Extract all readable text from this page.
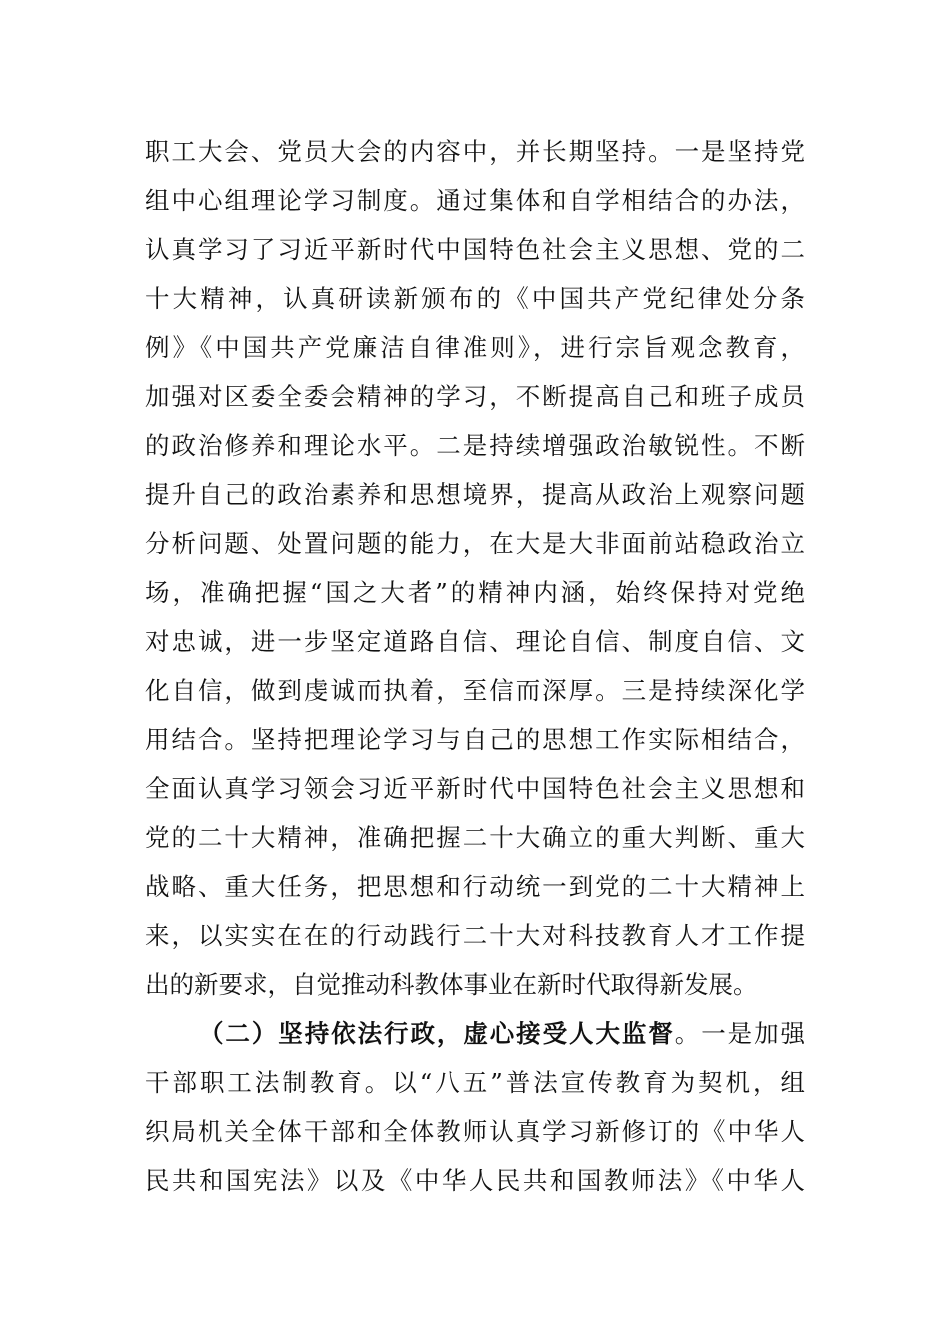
职工大会、党员大会的内容中，并长期坚持。一是坚持党
组中心组理论学习制度。通过集体和自学相结合的办法，
认真学习了习近平新时代中国特色社会主义思想、党的二
十大精神，认真研读新颁布的《中国共产党纪律处分条
例》《中国共产党廉洁自律准则》，进行宗旨观念教育，
加强对区委全委会精神的学习，不断提高自己和班子成员
的政治修养和理论水平。二是持续增强政治敏锐性。不断
提升自己的政治素养和思想境界，提高从政治上观察问题
分析问题、处置问题的能力，在大是大非面前站稳政治立
场，准确把握“国之大者”的精神内涵，始终保持对党绝
对忠诚，进一步坚定道路自信、理论自信、制度自信、文
化自信，做到虔诚而执着，至信而深厚。三是持续深化学
用结合。坚持把理论学习与自己的思想工作实际相结合，
全面认真学习领会习近平新时代中国特色社会主义思想和
党的二十大精神，准确把握二十大确立的重大判断、重大
战略、重大任务，把思想和行动统一到党的二十大精神上
来，以实实在在的行动践行二十大对科技教育人才工作提
出的新要求，自觉推动科教体事业在新时代取得新发展。
（二）坚持依法行政，虚心接受人大监督。一是加强
干部职工法制教育。以“八五”普法宣传教育为契机，组
织局机关全体干部和全体教师认真学习新修订的《中华人
民共和国宪法》以及《中华人民共和国教师法》《中华人
